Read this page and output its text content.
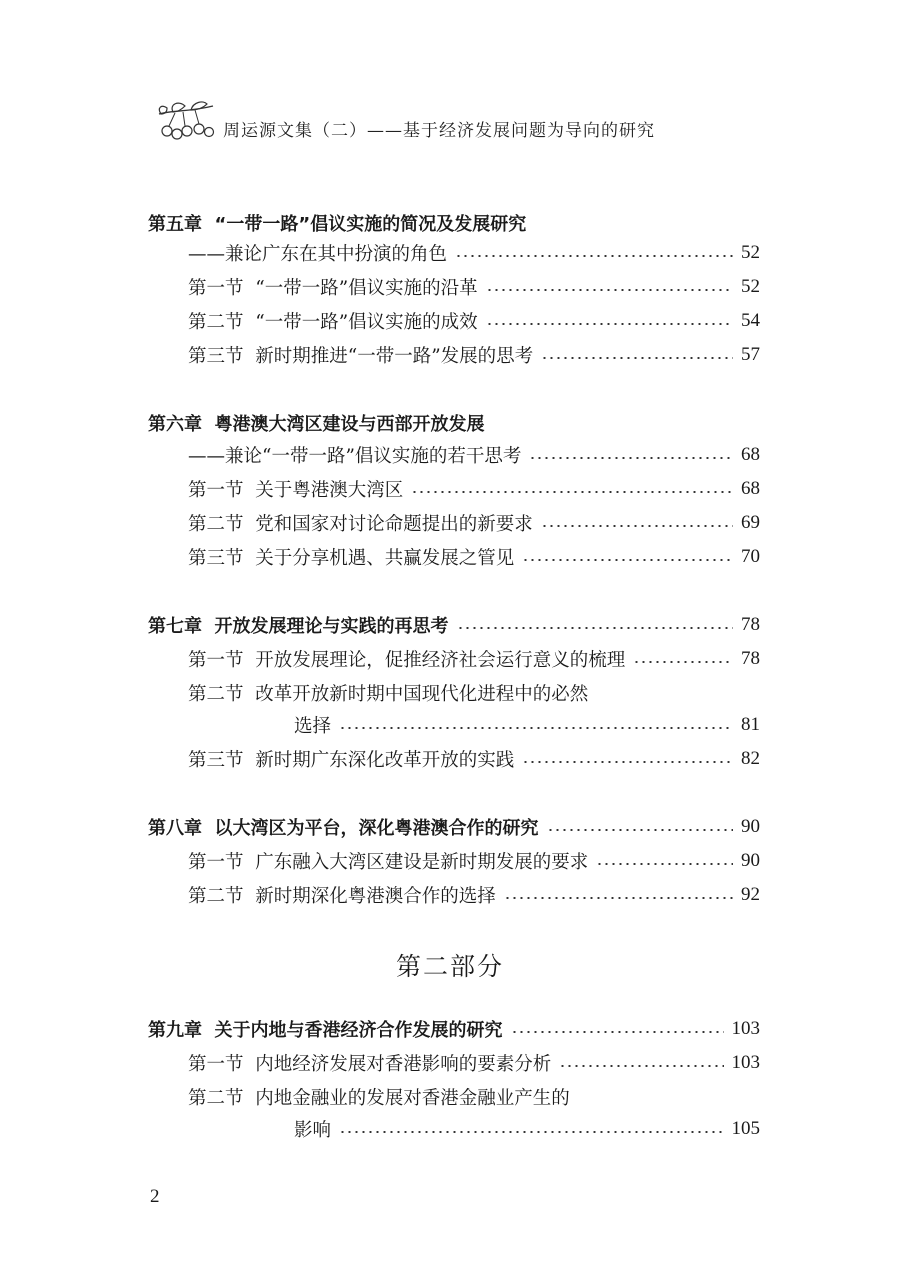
周运源文集（二）——基于经济发展问题为导向的研究
第五章  “一带一路”倡议实施的简况及发展研究
——兼论广东在其中扮演的角色	52
第一节  “一带一路”倡议实施的沿革	52
第二节  “一带一路”倡议实施的成效	54
第三节  新时期推进“一带一路”发展的思考	57
第六章  粤港澳大湾区建设与西部开放发展
——兼论“一带一路”倡议实施的若干思考	68
第一节  关于粤港澳大湾区	68
第二节  党和国家对讨论命题提出的新要求	69
第三节  关于分享机遇、共赢发展之管见	70
第七章  开放发展理论与实践的再思考	78
第一节  开放发展理论，促推经济社会运行意义的梳理	78
第二节  改革开放新时期中国现代化进程中的必然
选择	81
第三节  新时期广东深化改革开放的实践	82
第八章  以大湾区为平台，深化粤港澳合作的研究	90
第一节  广东融入大湾区建设是新时期发展的要求	90
第二节  新时期深化粤港澳合作的选择	92
第九章  关于内地与香港经济合作发展的研究	103
第一节  内地经济发展对香港影响的要素分析	103
第二节  内地金融业的发展对香港金融业产生的
影响	105
第二部分
2
